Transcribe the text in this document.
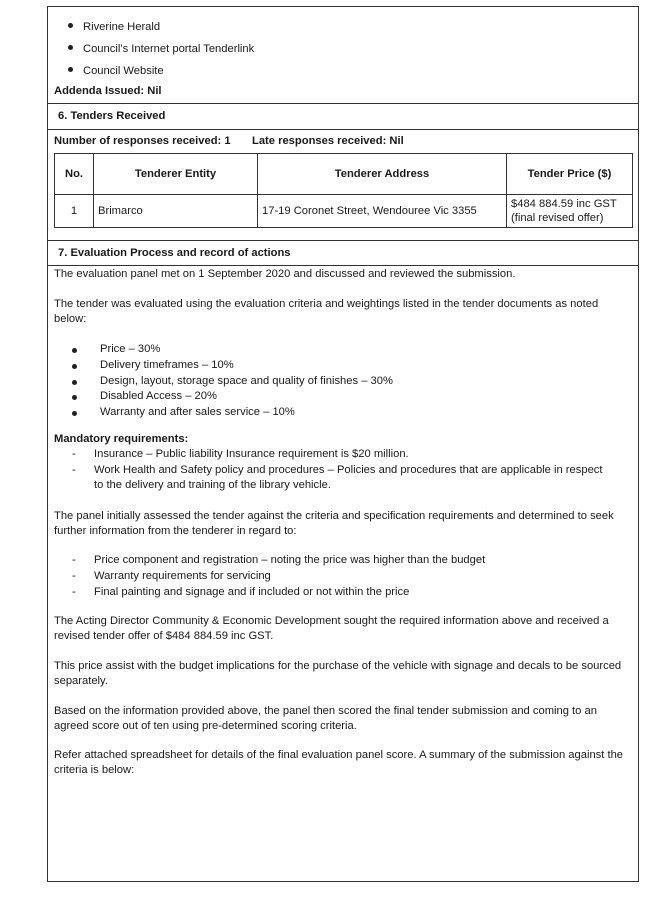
Riverine Herald
Council’s Internet portal Tenderlink
Council Website
Addenda Issued: Nil
6. Tenders Received
Number of responses received: 1 Late responses received: Nil
No.	Tenderer Entity	Tenderer Address	Tender Price ($)
1	Brimarco	17-19 Coronet Street, Wendouree Vic 3355	$484 884.59 inc GST
(final revised offer)
7. Evaluation Process and record of actions
The evaluation panel met on 1 September 2020 and discussed and reviewed the submission.
The tender was evaluated using the evaluation criteria and weightings listed in the tender documents as noted below:
Price – 30%
Delivery timeframes – 10%
Design, layout, storage space and quality of finishes – 30%
Disabled Access – 20%
Warranty and after sales service – 10%
Mandatory requirements:
- Insurance – Public liability Insurance requirement is $20 million.
- Work Health and Safety policy and procedures – Policies and procedures that are applicable in respect to the delivery and training of the library vehicle.
The panel initially assessed the tender against the criteria and specification requirements and determined to seek further information from the tenderer in regard to:
- Price component and registration – noting the price was higher than the budget
- Warranty requirements for servicing
- Final painting and signage and if included or not within the price
The Acting Director Community & Economic Development sought the required information above and received a revised tender offer of $484 884.59 inc GST.
This price assist with the budget implications for the purchase of the vehicle with signage and decals to be sourced separately.
Based on the information provided above, the panel then scored the final tender submission and coming to an agreed score out of ten using pre-determined scoring criteria.
Refer attached spreadsheet for details of the final evaluation panel score. A summary of the submission against the criteria is below:
